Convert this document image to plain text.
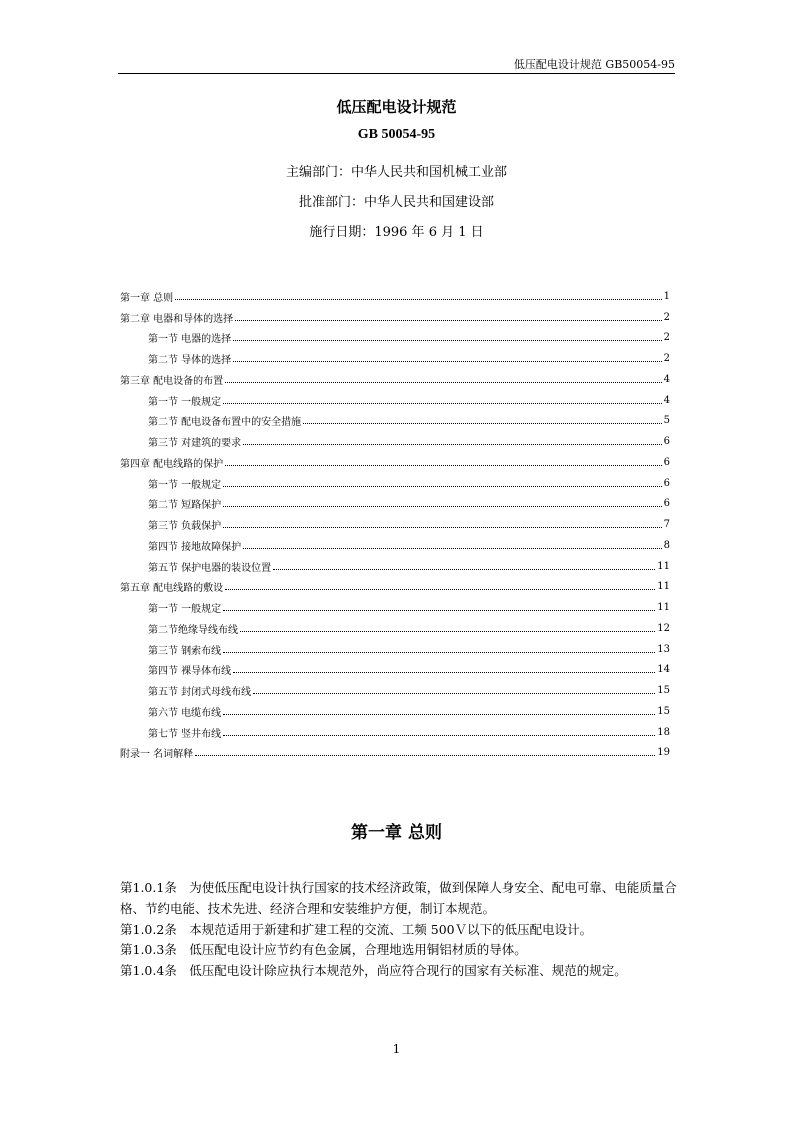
低压配电设计规范 GB50054-95
低压配电设计规范
GB 50054-95
主编部门：中华人民共和国机械工业部
批准部门：中华人民共和国建设部
施行日期：1996 年 6 月 1 日
第一章 总则	1
第二章 电器和导体的选择	2
第一节 电器的选择	2
第二节 导体的选择	2
第三章 配电设备的布置	4
第一节 一般规定	4
第二节 配电设备布置中的安全措施	5
第三节 对建筑的要求	6
第四章 配电线路的保护	6
第一节 一般规定	6
第二节 短路保护	6
第三节 负载保护	7
第四节 接地故障保护	8
第五节 保护电器的装设位置	11
第五章 配电线路的敷设	11
第一节 一般规定	11
第二节绝缘导线布线	12
第三节 钢索布线	13
第四节 裸导体布线	14
第五节 封闭式母线布线	15
第六节 电缆布线	15
第七节 竖井布线	18
附录一 名词解释	19
第一章 总则

第1.0.1条　为使低压配电设计执行国家的技术经济政策，做到保障人身安全、配电可靠、电能质量合格、节约电能、技术先进、经济合理和安装维护方便，制订本规范。

第1.0.2条　本规范适用于新建和扩建工程的交流、工频 500Ｖ以下的低压配电设计。

第1.0.3条　低压配电设计应节约有色金属，合理地选用铜铝材质的导体。

第1.0.4条　低压配电设计除应执行本规范外，尚应符合现行的国家有关标准、规范的规定。

1
